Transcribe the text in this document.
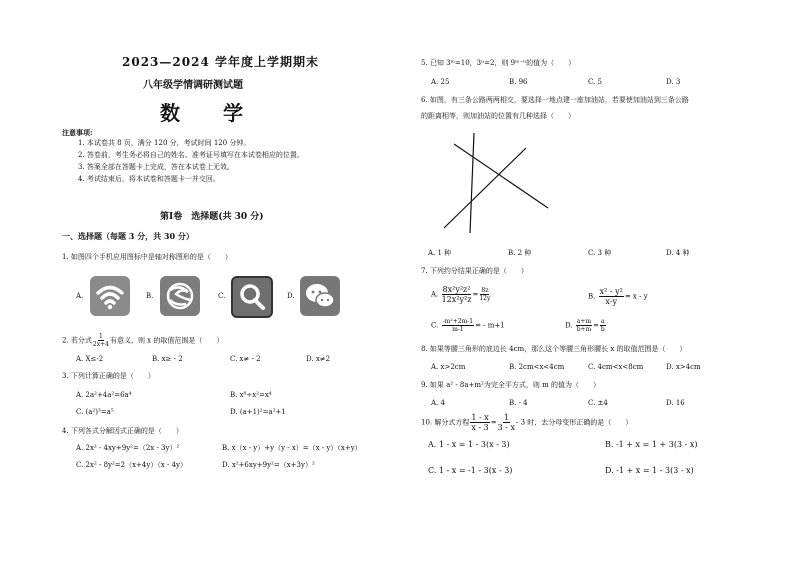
2023—2024 学年度上学期期末
八年级学情调研测试题
数 学
注意事项:
1. 本试卷共 8 页，满分 120 分，考试时间 120 分钟。
2. 答卷前，考生务必将自己的姓名、准考证号填写在本试卷相应的位置。
3. 答案全部在答题卡上完成，答在本试卷上无效。
4. 考试结束后，将本试卷和答题卡一并交回。
第Ⅰ卷　选择题(共 30 分)
一、选择题（每题 3 分，共 30 分）
1. 如图四个手机应用图标中是轴对称图形的是（　　）
A.	B.	C.	D.
2. 若分式 $\frac{1}{2x+4}$ 有意义，则 x 的取值范围是（　　）
A. X≤-2	B. x≥ - 2	C. x≠ - 2	D. x≠2
3. 下列计算正确的是（　　）
A. 2a²+4a²=6a⁴	B. x⁸÷x²=x⁴
C. (a²)³=a⁵	D. (a+1)²=a²+1
4. 下列各式分解因式正确的是（　　）
A. 2x² - 4xy+9y²=（2x - 3y）²	B. x（x - y）+y（y - x）=（x - y）（x+y）
C. 2x² - 8y²=2（x+4y）（x - 4y）	D. x²+6xy+9y²=（x+3y）²
5. 已知 3ᵐ=10，3ⁿ=2，则 9ᵐ⁻ⁿ的值为（　　）
A. 25	B. 96	C. 5	D. 3
6. 如图，有三条公路两两相交，要选择一地点建一座加油站，若要使加油站到三条公路
的距离相等，则加油站的位置有几种选择（　　）
A. 1 种	B. 2 种	C. 3 种	D. 4 种
7. 下列约分结果正确的是（　　）
A. $\frac{\text{8x²y²z²}}{\text{12x²y²z}} = \frac{8z}{12y}$	B. $\frac{\text{x² - y²}}{x-y} = x - y$
C. $\frac{\text{-m²+2m-1}}{m-1}$ = - m+1	D. $\frac{a+m}{b+m} = \frac{a}{b}$
8. 如果等腰三角形的底边长 4cm，那么这个等腰三角形腰长 x 的取值范围是（　　）
A. x>2cm	B. 2cm<x<4cm	C. 4cm<x<8cm	D. x>4cm
9. 如果 a² - 8a+m²为完全平方式，则 m 的值为（　　）
A. 4	B. - 4	C. ±4	D. 16
10. 解分式方程 $\frac{1 - x}{x - 3} = \frac{1}{3 - x} - 3$ 时，去分母变形正确的是（　　）
A. 1 - x = 1 - 3(x - 3)	B. -1 + x = 1 + 3(3 - x)
C. 1 - x = -1 - 3(x - 3)	D. -1 + x = 1 - 3(3 - x)
